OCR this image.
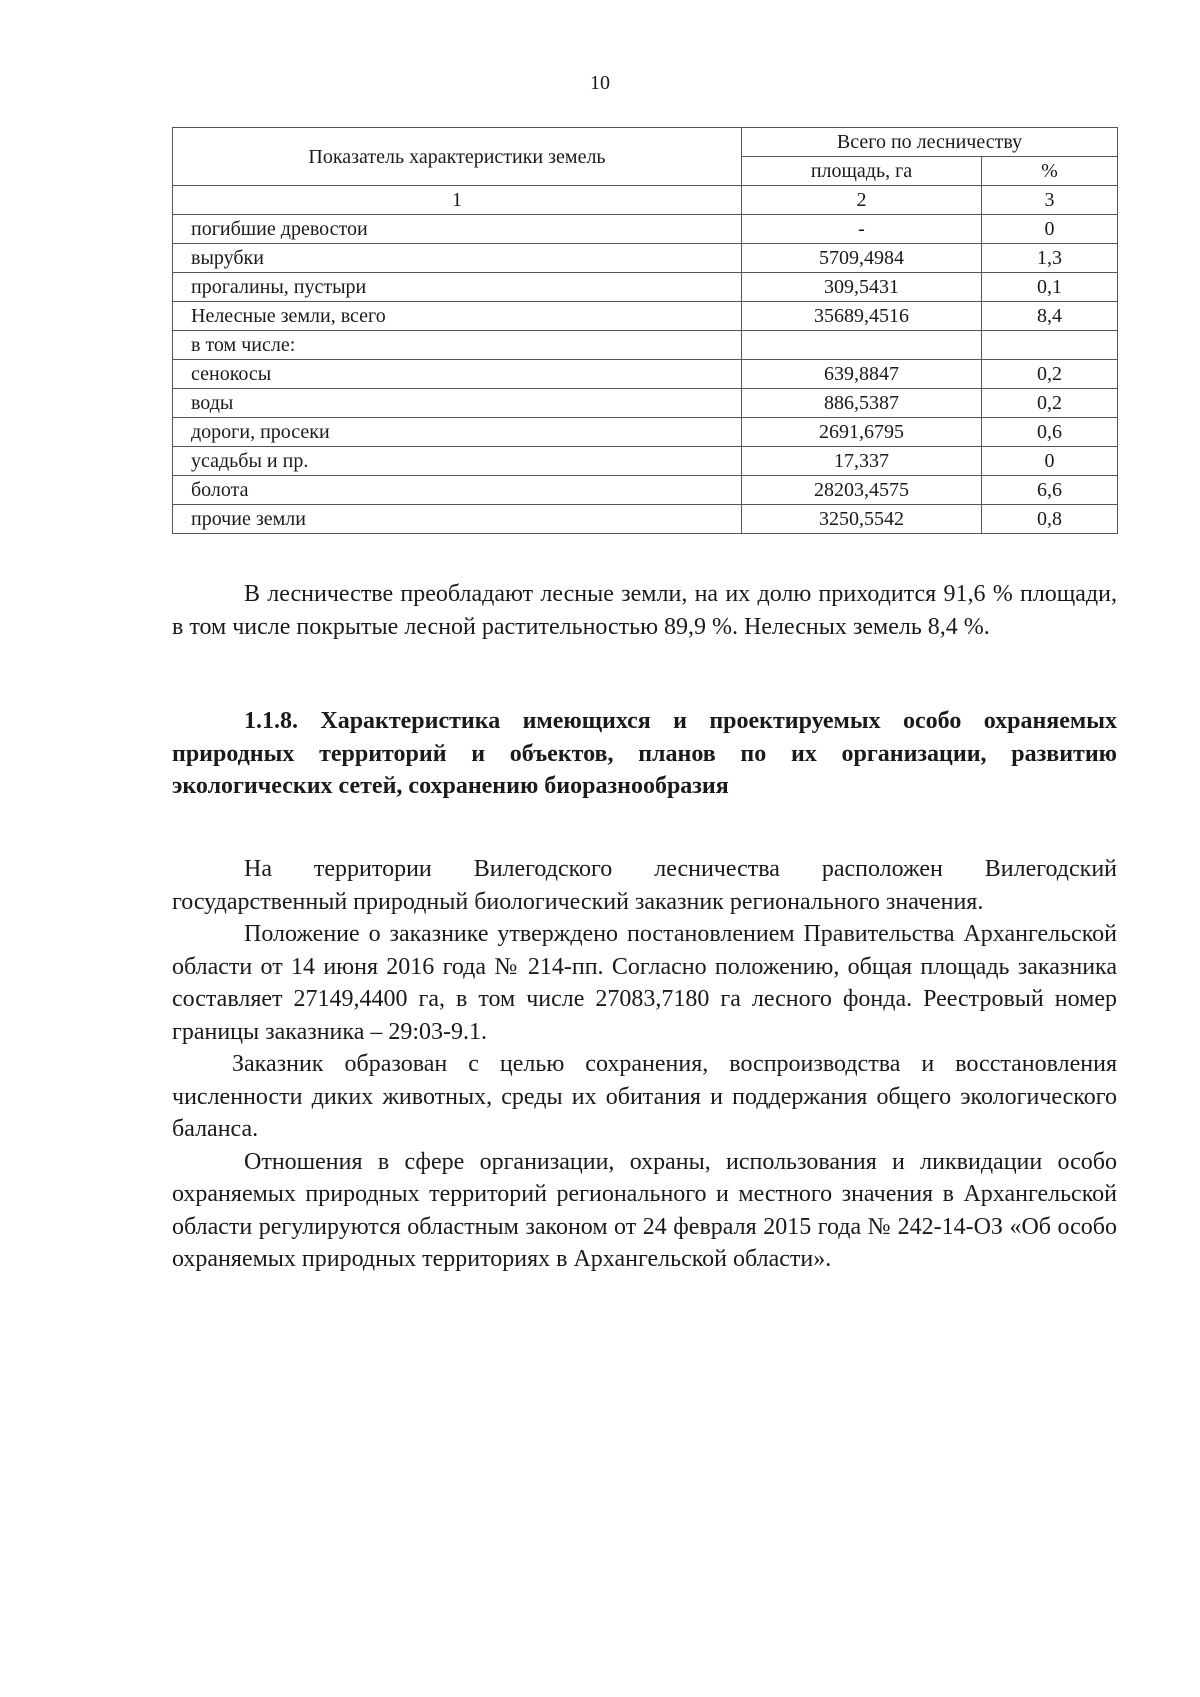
10
Показатель характеристики земель	Всего по лесничеству	
	площадь, га	%
1	2	3
погибшие древостои	-	0
вырубки	5709,4984	1,3
прогалины, пустыри	309,5431	0,1
Нелесные земли, всего	35689,4516	8,4
в том числе:		
сенокосы	639,8847	0,2
воды	886,5387	0,2
дороги, просеки	2691,6795	0,6
усадьбы и пр.	17,337	0
болота	28203,4575	6,6
прочие земли	3250,5542	0,8

В лесничестве преобладают лесные земли, на их долю приходится 91,6 % площади, в том числе покрытые лесной растительностью 89,9 %. Нелесных земель 8,4 %.

1.1.8. Характеристика имеющихся и проектируемых особо охраняемых природных территорий и объектов, планов по их организации, развитию экологических сетей, сохранению биоразнообразия

На территории Вилегодского лесничества расположен Вилегодский государственный природный биологический заказник регионального значения.

Положение о заказнике утверждено постановлением Правительства Архангельской области от 14 июня 2016 года № 214-пп. Согласно положению, общая площадь заказника составляет 27149,4400 га, в том числе 27083,7180 га лесного фонда. Реестровый номер границы заказника – 29:03-9.1.

Заказник образован с целью сохранения, воспроизводства и восстановления численности диких животных, среды их обитания и поддержания общего экологического баланса.

Отношения в сфере организации, охраны, использования и ликвидации особо охраняемых природных территорий регионального и местного значения в Архангельской области регулируются областным законом от 24 февраля 2015 года № 242-14-ОЗ «Об особо охраняемых природных территориях в Архангельской области».
